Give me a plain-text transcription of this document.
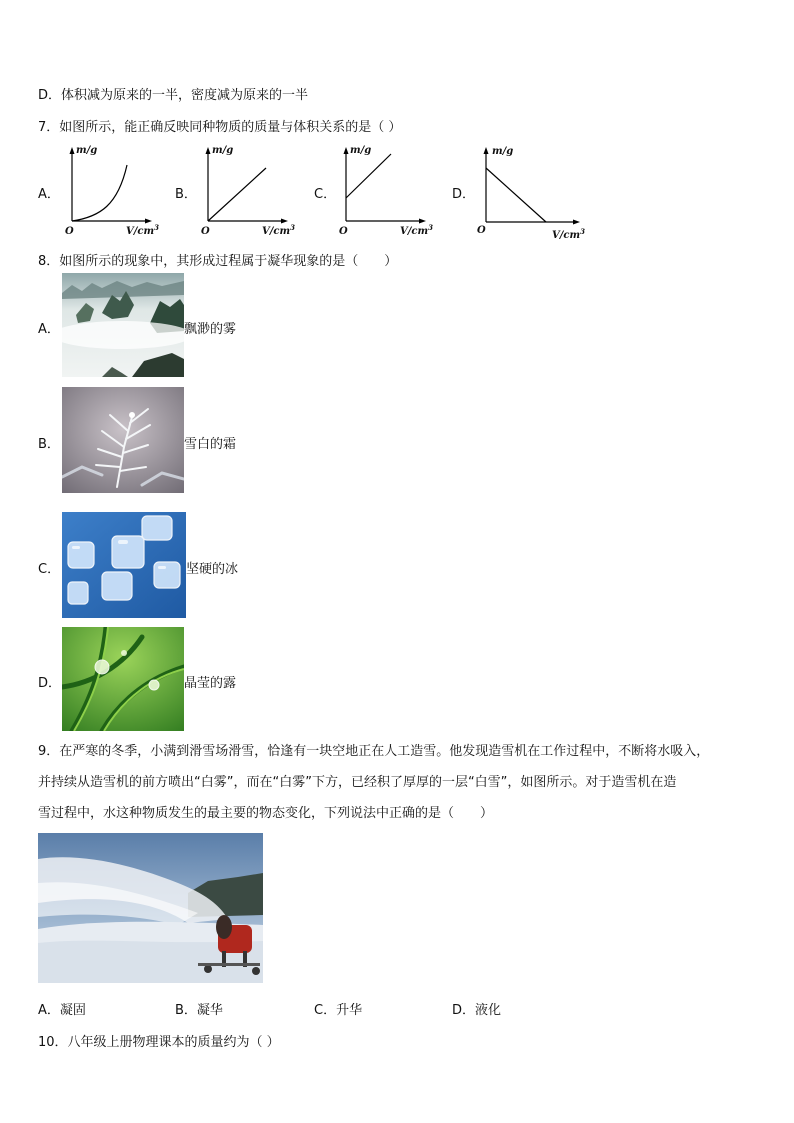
D．体积减为原来的一半，密度减为原来的一半
7．如图所示，能正确反映同种物质的质量与体积关系的是（ ）
A．
m/g
O	$V/cm^3$
B．
m/g
O	$V/cm^3$
C．
m/g
O	$V/cm^3$
D．
m/g
O	$V/cm^3$
8．如图所示的现象中，其形成过程属于凝华现象的是（　　）
A．	飘渺的雾
B．	雪白的霜
C．	坚硬的冰
D．	晶莹的露
9．在严寒的冬季，小满到滑雪场滑雪，恰逢有一块空地正在人工造雪。他发现造雪机在工作过程中，不断将水吸入，
并持续从造雪机的前方喷出“白雾”，而在“白雾”下方，已经积了厚厚的一层“白雪”，如图所示。对于造雪机在造
雪过程中，水这种物质发生的最主要的物态变化，下列说法中正确的是（　　）
A．凝固	B．凝华	C．升华	D．液化
10．八年级上册物理课本的质量约为（ ）
